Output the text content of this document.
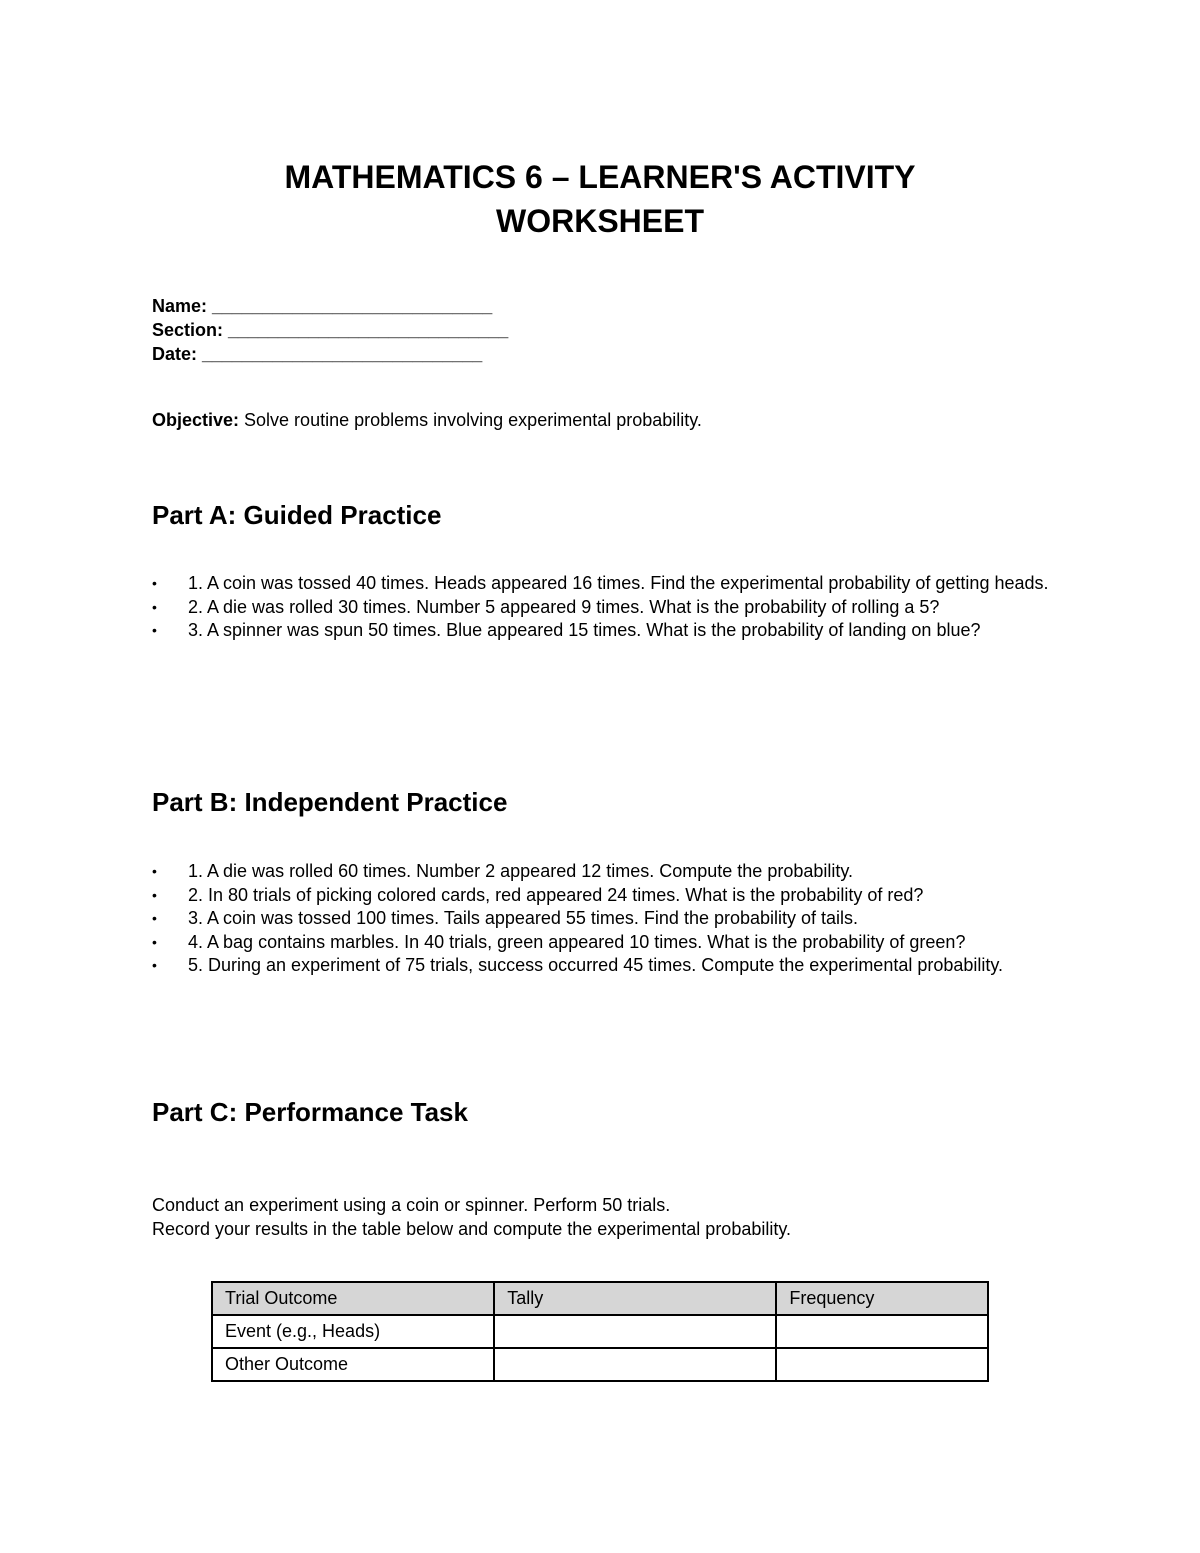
MATHEMATICS 6 – LEARNER'S ACTIVITY
WORKSHEET
Name: ____________________________
Section: ____________________________
Date: ____________________________
Objective: Solve routine problems involving experimental probability.
Part A: Guided Practice
•	1. A coin was tossed 40 times. Heads appeared 16 times. Find the experimental probability of getting heads.
•	2. A die was rolled 30 times. Number 5 appeared 9 times. What is the probability of rolling a 5?
•	3. A spinner was spun 50 times. Blue appeared 15 times. What is the probability of landing on blue?
Part B: Independent Practice
•	1. A die was rolled 60 times. Number 2 appeared 12 times. Compute the probability.
•	2. In 80 trials of picking colored cards, red appeared 24 times. What is the probability of red?
•	3. A coin was tossed 100 times. Tails appeared 55 times. Find the probability of tails.
•	4. A bag contains marbles. In 40 trials, green appeared 10 times. What is the probability of green?
•	5. During an experiment of 75 trials, success occurred 45 times. Compute the experimental probability.
Part C: Performance Task
Conduct an experiment using a coin or spinner. Perform 50 trials.
Record your results in the table below and compute the experimental probability.
Trial Outcome	Tally	Frequency
Event (e.g., Heads)		
Other Outcome		
